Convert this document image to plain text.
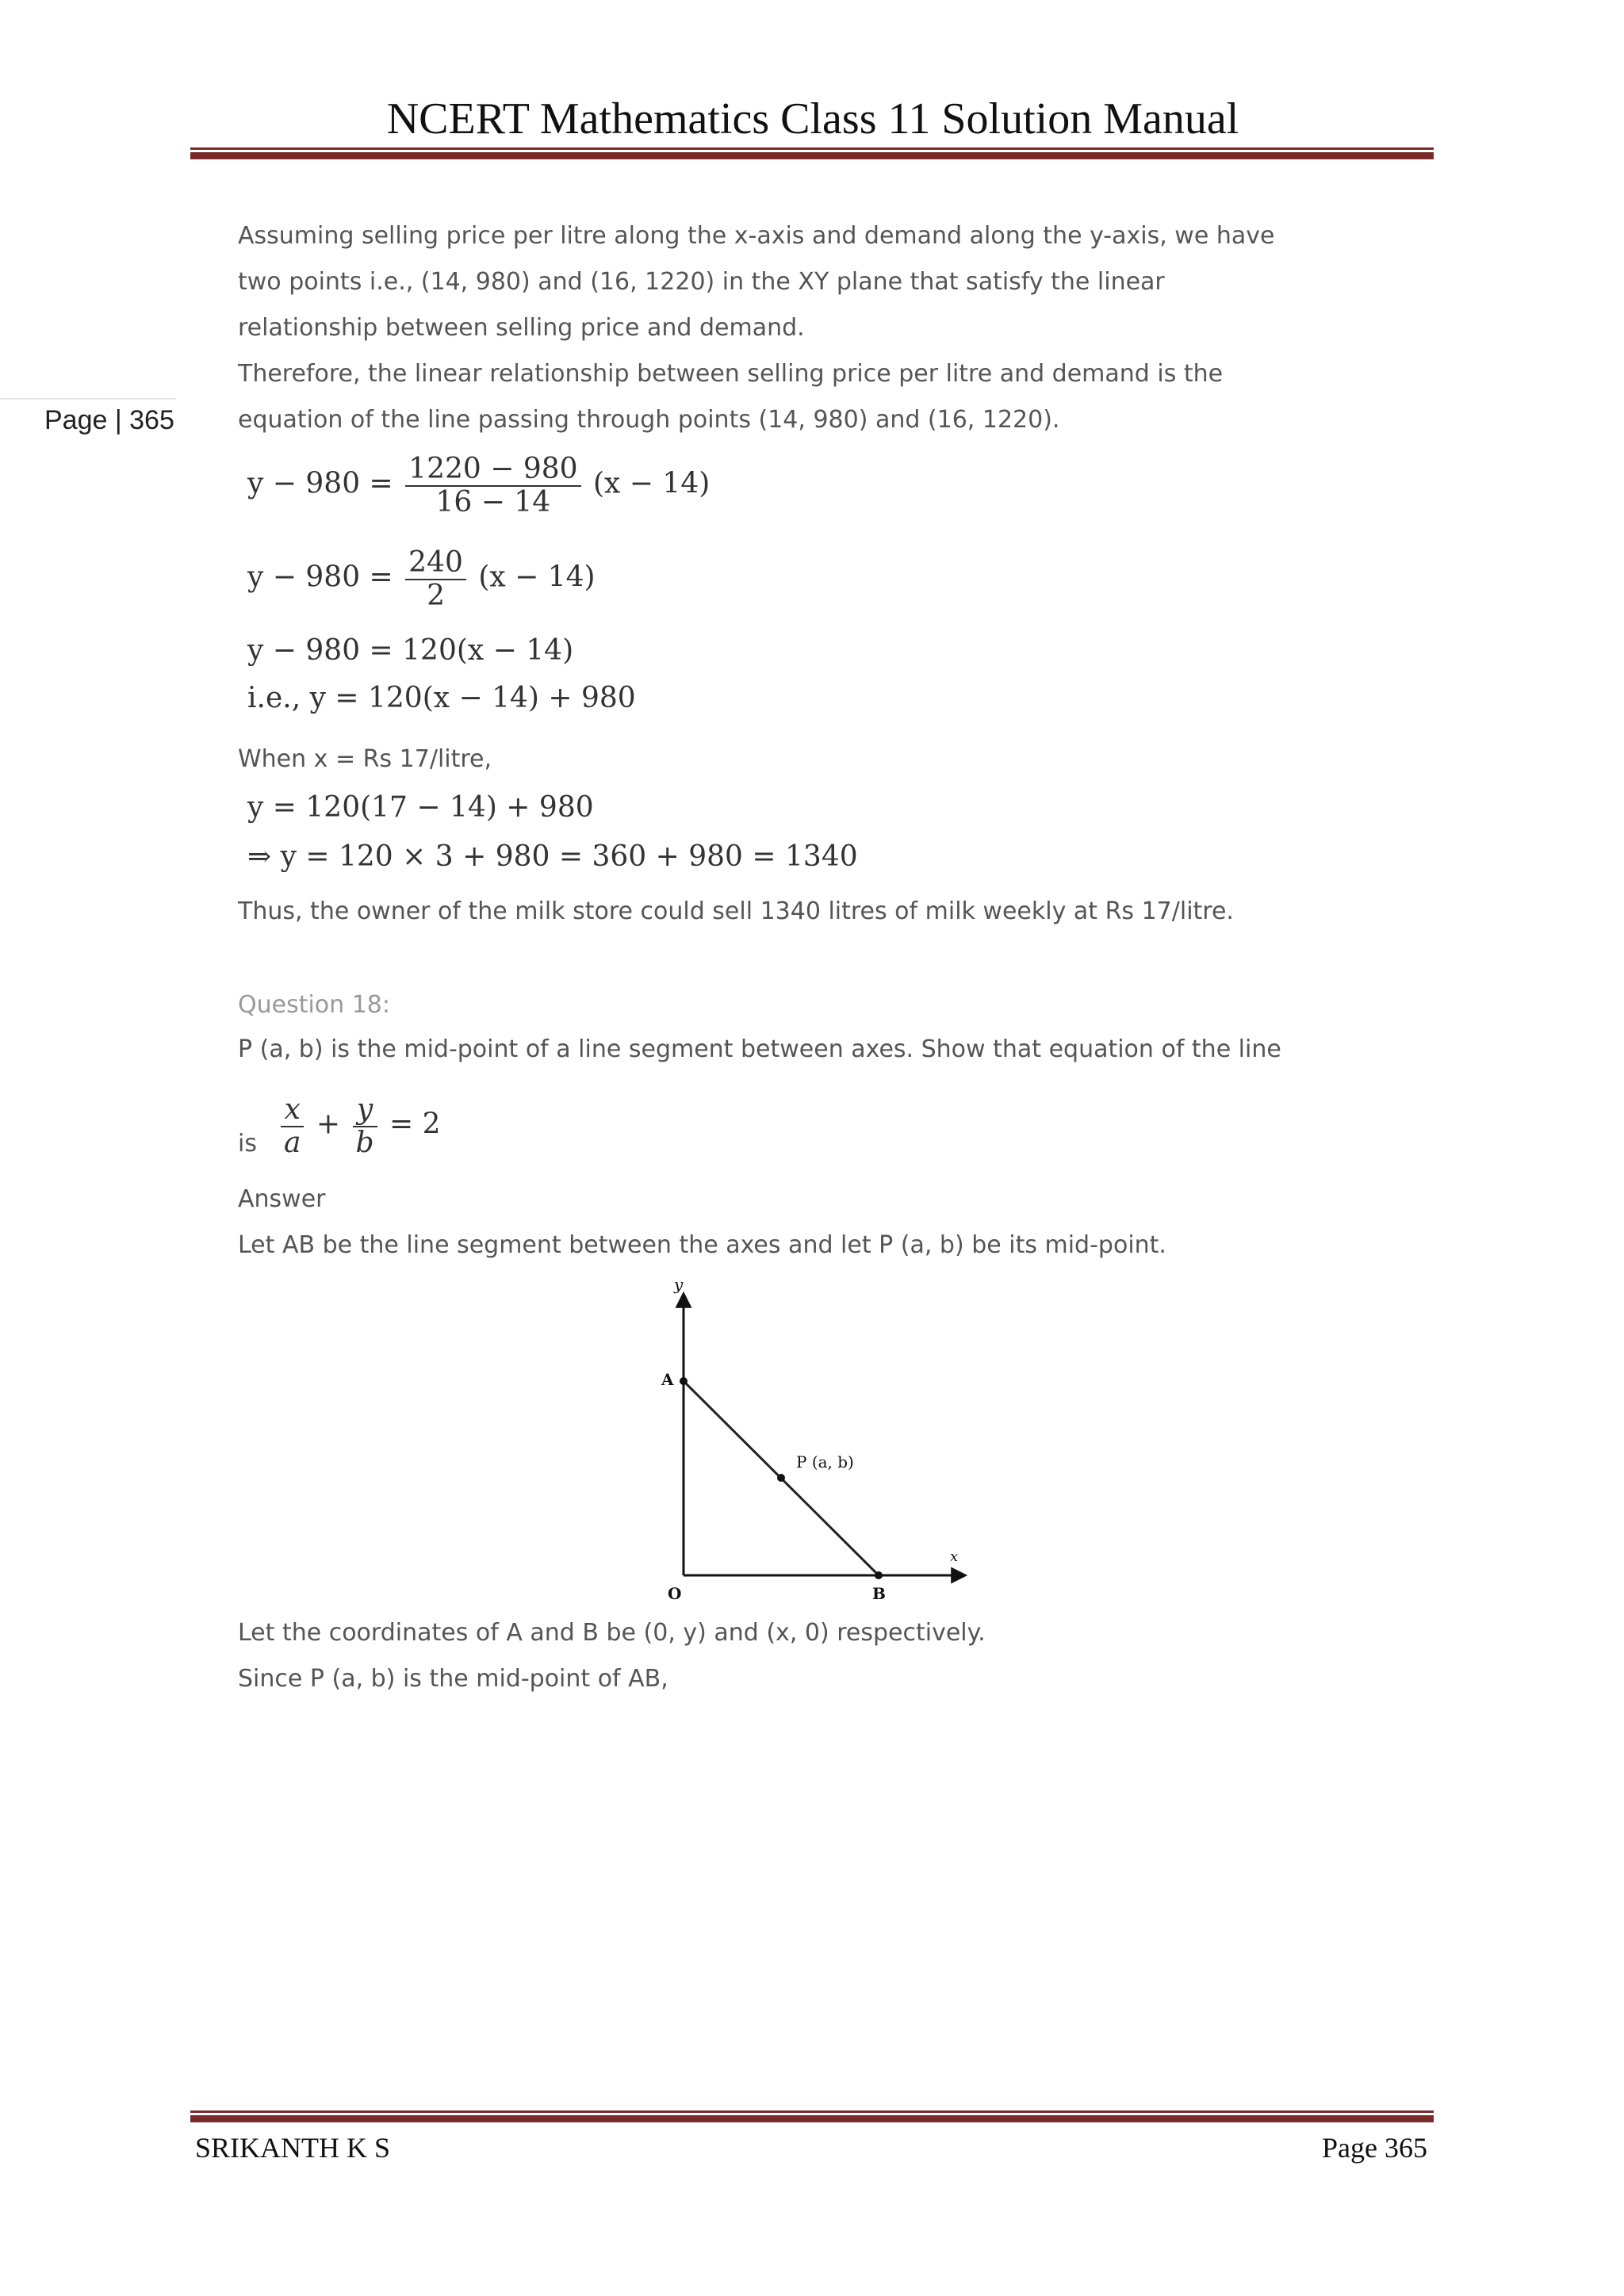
NCERT Mathematics Class 11 Solution Manual
Page | 365
Assuming selling price per litre along the x-axis and demand along the y-axis, we have
two points i.e., (14, 980) and (16, 1220) in the XY plane that satisfy the linear
relationship between selling price and demand.
Therefore, the linear relationship between selling price per litre and demand is the
equation of the line passing through points (14, 980) and (16, 1220).
$y - 980 = \frac{1220 - 980}{16 - 14} (x - 14)$
$y - 980 = \frac{240}{2} (x - 14)$
y − 980 = 120(x − 14)
i.e., y = 120(x − 14) + 980
When x = Rs 17/litre,
y = 120(17 − 14) + 980
⇒ y = 120 × 3 + 980 = 360 + 980 = 1340
Thus, the owner of the milk store could sell 1340 litres of milk weekly at Rs 17/litre.
Question 18:
P (a, b) is the mid-point of a line segment between axes. Show that equation of the line
is $\frac{x}{a} + \frac{y}{b} = 2$
Answer
Let AB be the line segment between the axes and let P (a, b) be its mid-point.
Let the coordinates of A and B be (0, y) and (x, 0) respectively.
Since P (a, b) is the mid-point of AB,
y
x
A
O	B
P (a, b)
SRIKANTH K S	Page 365
